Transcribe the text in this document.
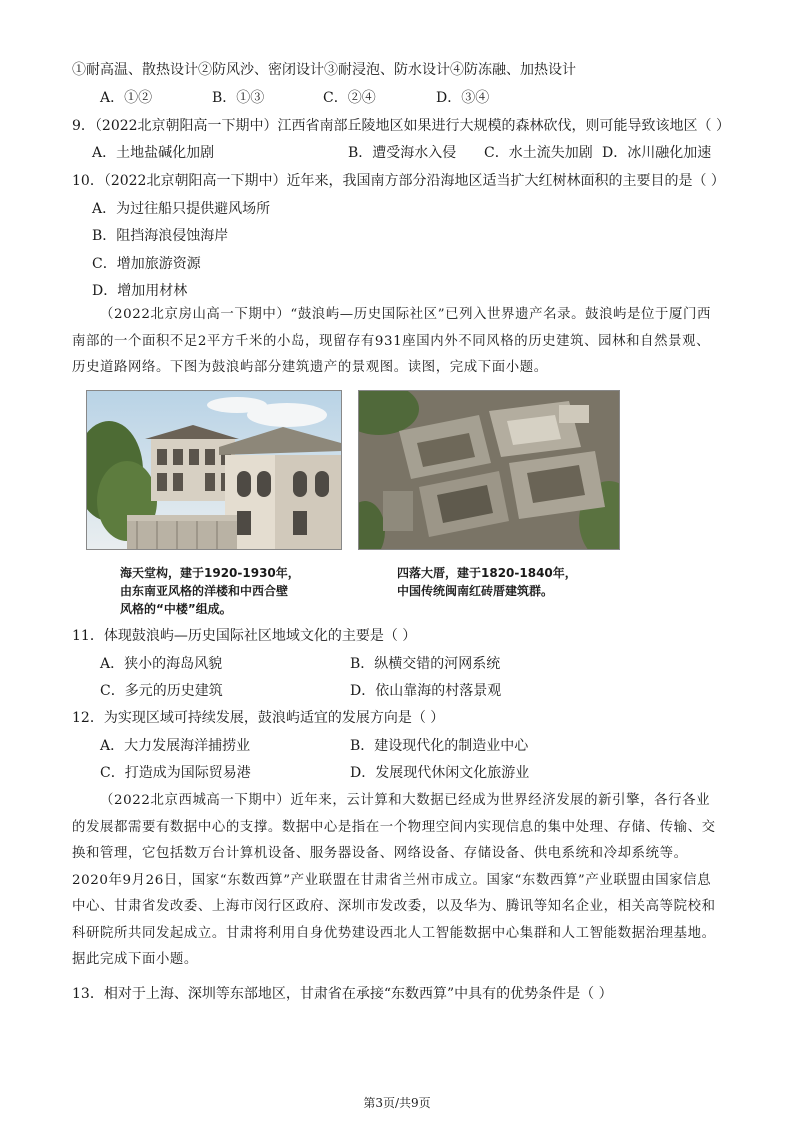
①耐高温、散热设计②防风沙、密闭设计③耐浸泡、防水设计④防冻融、加热设计
A．①②	B．①③	C．②④	D．③④
9．（2022北京朝阳高一下期中）江西省南部丘陵地区如果进行大规模的森林砍伐，则可能导致该地区（ ）
A．土地盐碱化加剧	B．遭受海水入侵 C．水土流失加剧 D．冰川融化加速
10．（2022北京朝阳高一下期中）近年来，我国南方部分沿海地区适当扩大红树林面积的主要目的是（ ）
A．为过往船只提供避风场所
B．阻挡海浪侵蚀海岸
C．增加旅游资源
D．增加用材林
（2022北京房山高一下期中）“鼓浪屿—历史国际社区”已列入世界遗产名录。鼓浪屿是位于厦门西南部的一个面积不足2平方千米的小岛，现留存有931座国内外不同风格的历史建筑、园林和自然景观、历史道路网络。下图为鼓浪屿部分建筑遗产的景观图。读图，完成下面小题。
海天堂构，建于1920-1930年，
由东南亚风格的洋楼和中西合壁
风格的“中楼”组成。
四落大厝，建于1820-1840年，
中国传统闽南红砖厝建筑群。
11．体现鼓浪屿—历史国际社区地域文化的主要是（ ）
A．狭小的海岛风貌	B．纵横交错的河网系统
C．多元的历史建筑	D．依山靠海的村落景观
12．为实现区域可持续发展，鼓浪屿适宜的发展方向是（ ）
A．大力发展海洋捕捞业	B．建设现代化的制造业中心
C．打造成为国际贸易港	D．发展现代休闲文化旅游业
（2022北京西城高一下期中）近年来，云计算和大数据已经成为世界经济发展的新引擎，各行各业的发展都需要有数据中心的支撑。数据中心是指在一个物理空间内实现信息的集中处理、存储、传输、交换和管理，它包括数万台计算机设备、服务器设备、网络设备、存储设备、供电系统和冷却系统等。2020年9月26日，国家“东数西算”产业联盟在甘肃省兰州市成立。国家“东数西算”产业联盟由国家信息中心、甘肃省发改委、上海市闵行区政府、深圳市发改委，以及华为、腾讯等知名企业，相关高等院校和科研院所共同发起成立。甘肃将利用自身优势建设西北人工智能数据中心集群和人工智能数据治理基地。据此完成下面小题。
13．相对于上海、深圳等东部地区，甘肃省在承接“东数西算”中具有的优势条件是（ ）
第3页/共9页
